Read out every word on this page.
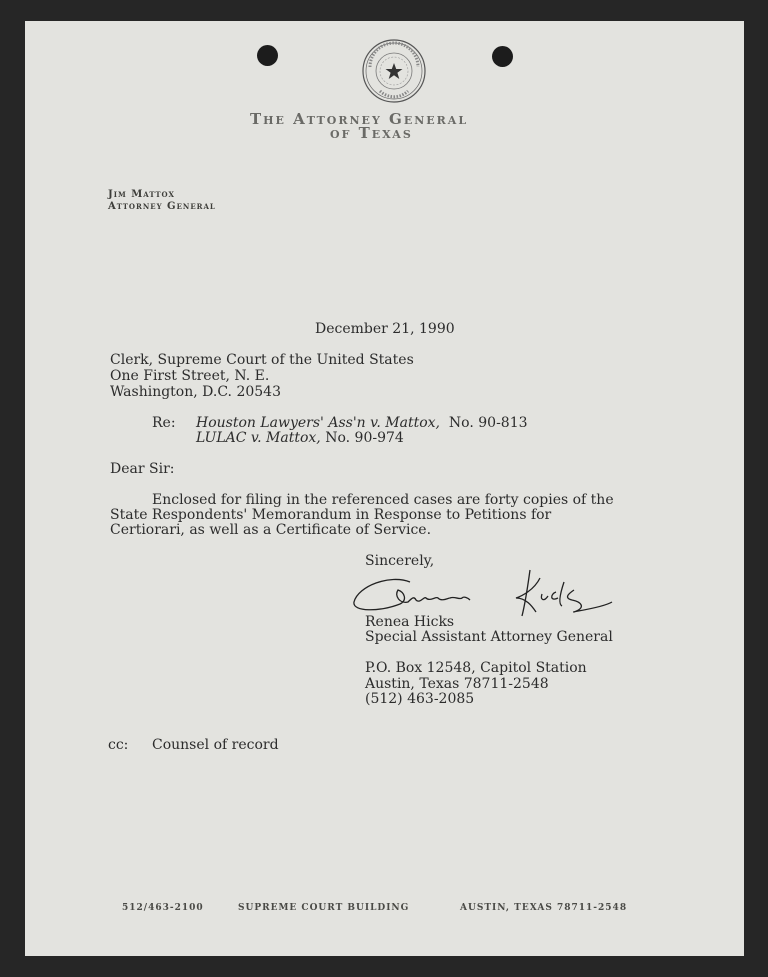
The Attorney General
of Texas
Jim Mattox
Attorney General
December 21, 1990
Clerk, Supreme Court of the United States
One First Street, N. E.
Washington, D.C. 20543
Re: Houston Lawyers' Ass'n v. Mattox, No. 90-813
LULAC v. Mattox, No. 90-974
Dear Sir:
Enclosed for filing in the referenced cases are forty copies of the
State Respondents' Memorandum in Response to Petitions for
Certiorari, as well as a Certificate of Service.
Sincerely,
Renea Hicks
Special Assistant Attorney General
P.O. Box 12548, Capitol Station
Austin, Texas 78711-2548
(512) 463-2085
cc: Counsel of record
512/463-2100	SUPREME COURT BUILDING	AUSTIN, TEXAS 78711-2548
